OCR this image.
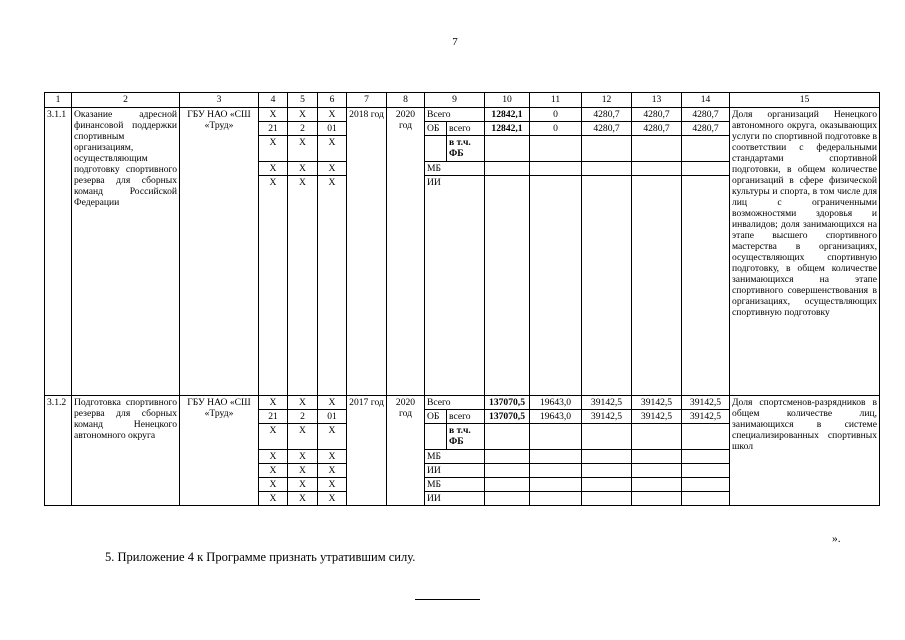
7
1	2	3	4	5	6	7	8	9		10	11	12	13	14	15
3.1.1	Оказание адресной финансовой поддержки спортивным организациям, осуществляющим подготовку спортивного резерва для сборных команд Российской Федерации	ГБУ НАО «СШ «Труд»	Х	Х	Х	2018 год	2020 год	Всего		12842,1	0	4280,7	4280,7	4280,7	Доля организаций Ненецкого автономного округа, оказывающих услуги по спортивной подготовке в соответствии с федеральными стандартами спортивной подготовки, в общем количестве организаций в сфере физической культуры и спорта, в том числе для лиц с ограниченными возможностями здоровья и инвалидов; доля занимающихся на этапе высшего спортивного мастерства в организациях, осуществляющих спортивную подготовку, в общем количестве занимающихся на этапе спортивного совершенствования в организациях, осуществляющих спортивную подготовку
			21	2	01			ОБ	всего	12842,1	0	4280,7	4280,7	4280,7	
			Х	Х	Х				в т.ч. ФБ						
			Х	Х	Х			МБ							
			Х	Х	Х			ИИ							
3.1.2	Подготовка спортивного резерва для сборных команд Ненецкого автономного округа	ГБУ НАО «СШ «Труд»	Х	Х	Х	2017 год	2020 год	Всего		137070,5	19643,0	39142,5	39142,5	39142,5	Доля спортсменов-разрядников в общем количестве лиц, занимающихся в системе специализированных спортивных школ
			21	2	01			ОБ	всего	137070,5	19643,0	39142,5	39142,5	39142,5	
			Х	Х	Х				в т.ч. ФБ						
			Х	Х	Х			МБ							
			Х	Х	Х			ИИ							
			Х	Х	Х			МБ							
			Х	Х	Х			ИИ							
».
5. Приложение 4 к Программе признать утратившим силу.
